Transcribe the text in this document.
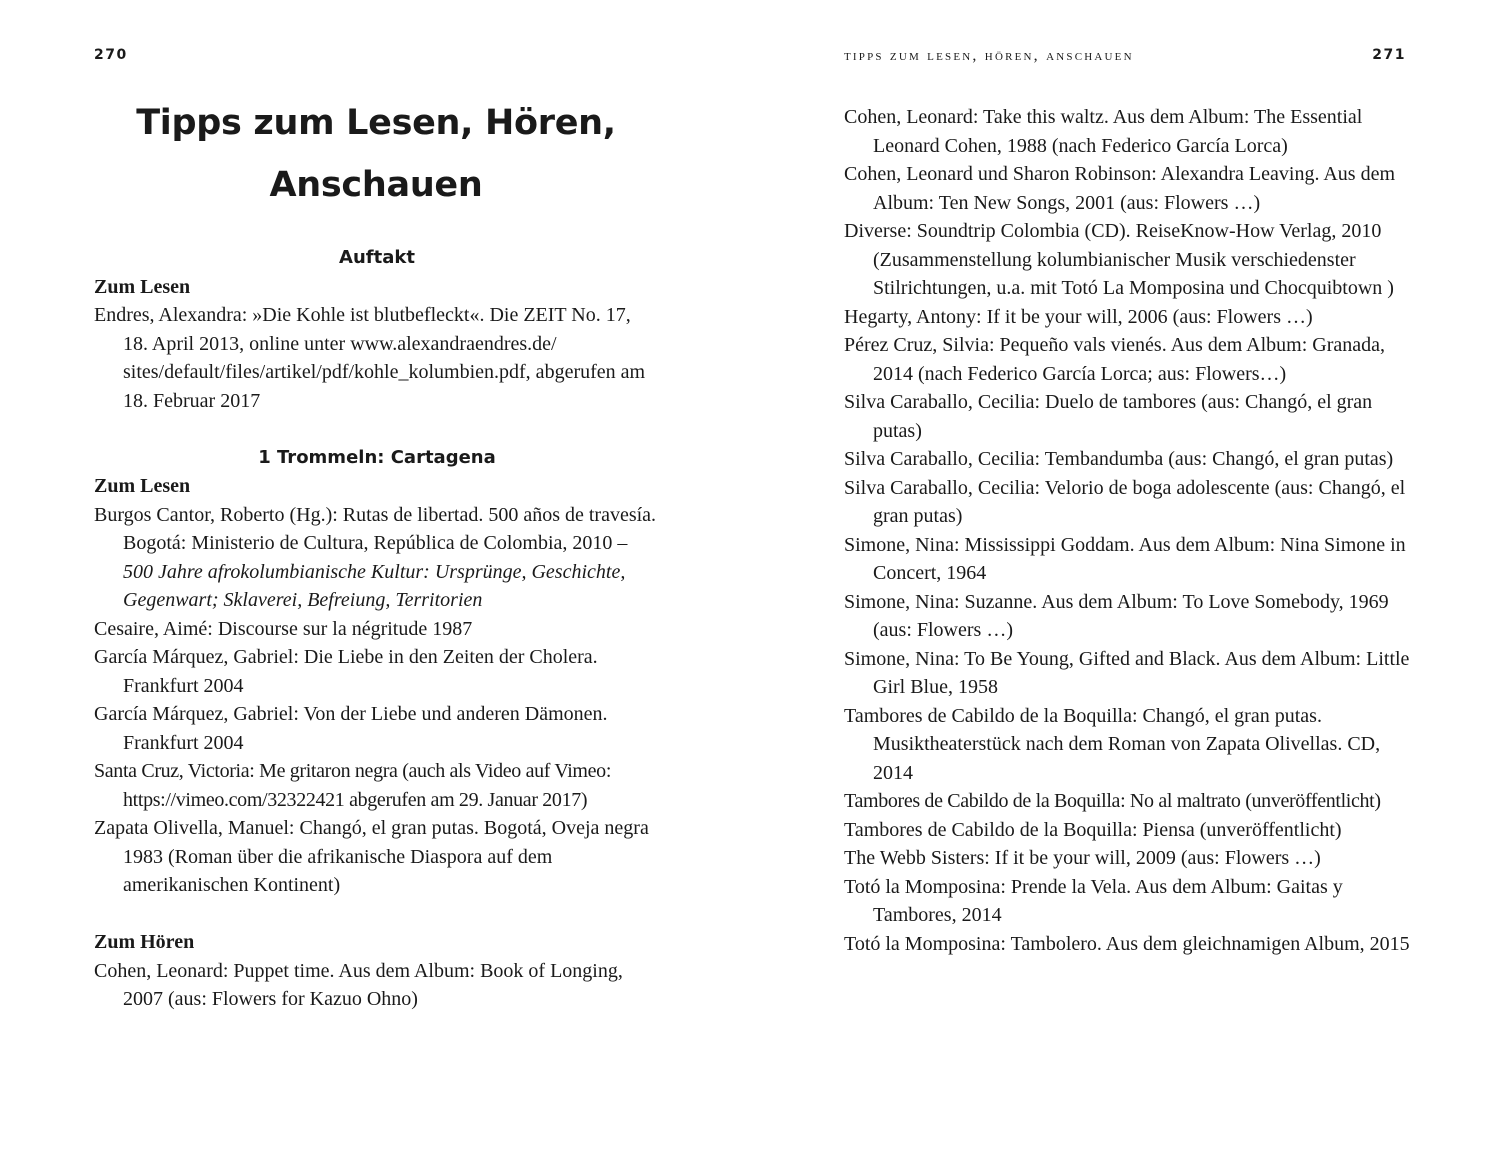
270
Tipps zum Lesen, Hören, Anschauen
Auftakt
Zum Lesen

Endres, Alexandra: »Die Kohle ist blutbefleckt«. Die ZEIT No. 17, 18. April 2013, online unter www.alexandraendres.de/ sites/default/files/artikel/pdf/kohle_kolumbien.pdf, abgerufen am 18. Februar 2017

1 Trommeln: Cartagena
Zum Lesen

Burgos Cantor, Roberto (Hg.): Rutas de libertad. 500 años de travesía. Bogotá: Ministerio de Cultura, República de Colombia, 2010 – 500 Jahre afrokolumbianische Kultur: Ursprünge, Geschichte, Gegenwart; Sklaverei, Befreiung, Territorien

Cesaire, Aimé: Discourse sur la négritude 1987

García Márquez, Gabriel: Die Liebe in den Zeiten der Cholera. Frankfurt 2004

García Márquez, Gabriel: Von der Liebe und anderen Dämonen. Frankfurt 2004

Santa Cruz, Victoria: Me gritaron negra (auch als Video auf Vimeo: https://vimeo.com/32322421 abgerufen am 29. Januar 2017)

Zapata Olivella, Manuel: Changó, el gran putas. Bogotá, Oveja negra 1983 (Roman über die afrikanische Diaspora auf dem amerikanischen Kontinent)

Zum Hören

Cohen, Leonard: Puppet time. Aus dem Album: Book of Longing, 2007 (aus: Flowers for Kazuo Ohno)

tipps zum lesen, hören, anschauen	271

Cohen, Leonard: Take this waltz. Aus dem Album: The Essential Leonard Cohen, 1988 (nach Federico García Lorca)

Cohen, Leonard und Sharon Robinson: Alexandra Leaving. Aus dem Album: Ten New Songs, 2001 (aus: Flowers …)

Diverse: Soundtrip Colombia (CD). ReiseKnow-How Verlag, 2010 (Zusammenstellung kolumbianischer Musik verschiedenster Stilrichtungen, u.a. mit Totó La Momposina und Chocquibtown )

Hegarty, Antony: If it be your will, 2006 (aus: Flowers …)

Pérez Cruz, Silvia: Pequeño vals vienés. Aus dem Album: Granada, 2014 (nach Federico García Lorca; aus: Flowers…)

Silva Caraballo, Cecilia: Duelo de tambores (aus: Changó, el gran putas)

Silva Caraballo, Cecilia: Tembandumba (aus: Changó, el gran putas)

Silva Caraballo, Cecilia: Velorio de boga adolescente (aus: Changó, el gran putas)

Simone, Nina: Mississippi Goddam. Aus dem Album: Nina Simone in Concert, 1964

Simone, Nina: Suzanne. Aus dem Album: To Love Somebody, 1969 (aus: Flowers …)

Simone, Nina: To Be Young, Gifted and Black. Aus dem Album: Little Girl Blue, 1958

Tambores de Cabildo de la Boquilla: Changó, el gran putas. Musiktheaterstück nach dem Roman von Zapata Olivellas. CD, 2014

Tambores de Cabildo de la Boquilla: No al maltrato (unveröffentlicht)

Tambores de Cabildo de la Boquilla: Piensa (unveröffentlicht)

The Webb Sisters: If it be your will, 2009 (aus: Flowers …)

Totó la Momposina: Prende la Vela. Aus dem Album: Gaitas y Tambores, 2014

Totó la Momposina: Tambolero. Aus dem gleichnamigen Album, 2015
